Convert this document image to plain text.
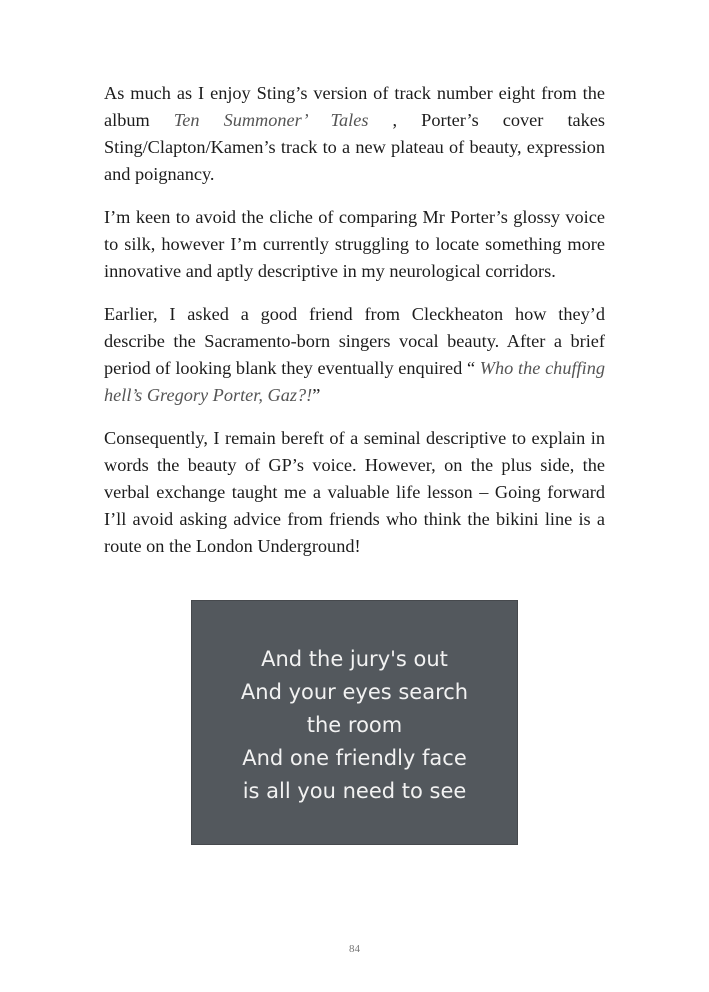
As much as I enjoy Sting’s version of track number eight from the album Ten Summoner’ Tales , Porter’s cover takes Sting/Clapton/Kamen’s track to a new plateau of beauty, expression and poignancy.

I’m keen to avoid the cliche of comparing Mr Porter’s glossy voice to silk, however I’m currently struggling to locate something more innovative and aptly descriptive in my neurological corridors.

Earlier, I asked a good friend from Cleckheaton how they’d describe the Sacramento-born singers vocal beauty. After a brief period of looking blank they eventually enquired “ Who the chuffing hell’s Gregory Porter, Gaz?!”

Consequently, I remain bereft of a seminal descriptive to explain in words the beauty of GP’s voice. However, on the plus side, the verbal exchange taught me a valuable life lesson – Going forward I’ll avoid asking advice from friends who think the bikini line is a route on the London Underground!

And the jury's out
And your eyes search
the room
And one friendly face
is all you need to see
84
